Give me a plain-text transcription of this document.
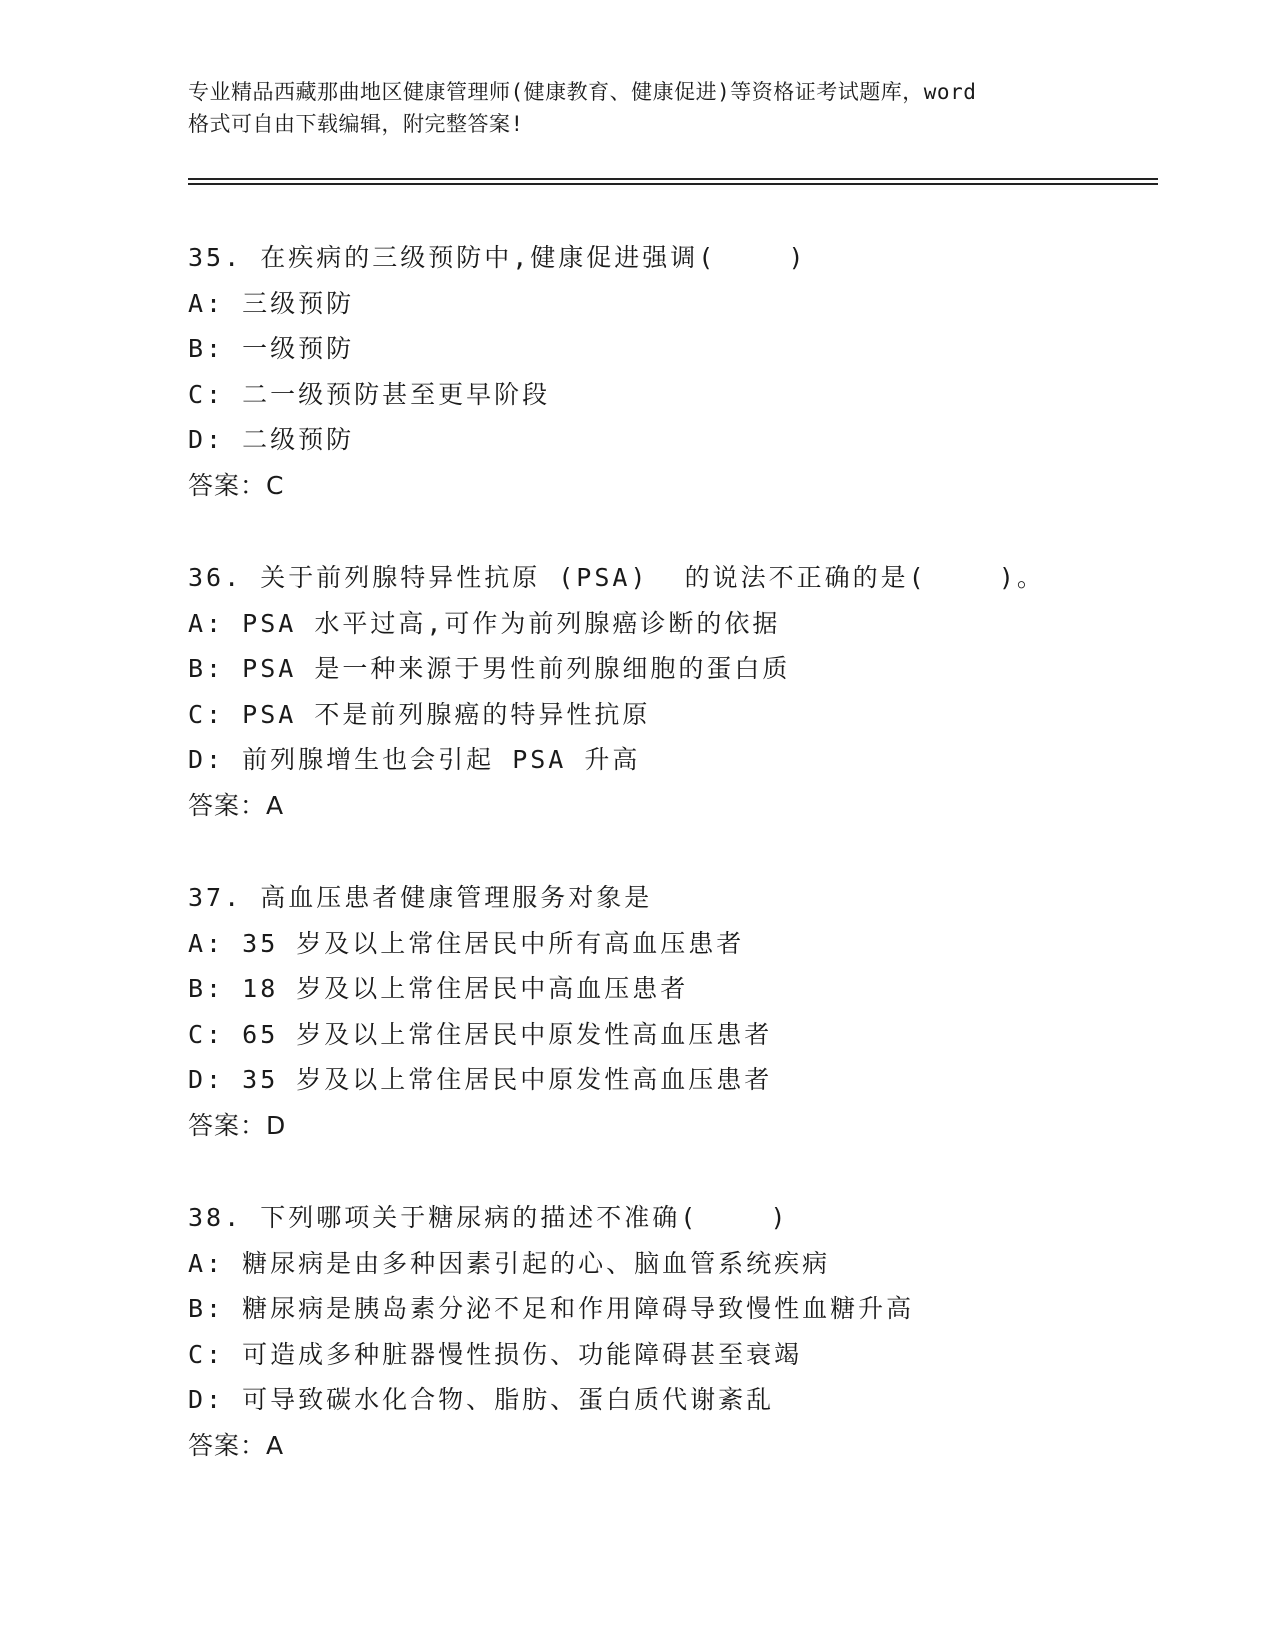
专业精品西藏那曲地区健康管理师(健康教育、健康促进)等资格证考试题库，word
格式可自由下载编辑，附完整答案!
35. 在疾病的三级预防中,健康促进强调(    )
A: 三级预防
B: 一级预防
C: 二一级预防甚至更早阶段
D: 二级预防
答案：C
36. 关于前列腺特异性抗原 (PSA)  的说法不正确的是(    )。
A: PSA 水平过高,可作为前列腺癌诊断的依据
B: PSA 是一种来源于男性前列腺细胞的蛋白质
C: PSA 不是前列腺癌的特异性抗原
D: 前列腺增生也会引起 PSA 升高
答案：A
37. 高血压患者健康管理服务对象是
A: 35 岁及以上常住居民中所有高血压患者
B: 18 岁及以上常住居民中高血压患者
C: 65 岁及以上常住居民中原发性高血压患者
D: 35 岁及以上常住居民中原发性高血压患者
答案：D
38. 下列哪项关于糖尿病的描述不准确(    )
A: 糖尿病是由多种因素引起的心、脑血管系统疾病
B: 糖尿病是胰岛素分泌不足和作用障碍导致慢性血糖升高
C: 可造成多种脏器慢性损伤、功能障碍甚至衰竭
D: 可导致碳水化合物、脂肪、蛋白质代谢紊乱
答案：A
